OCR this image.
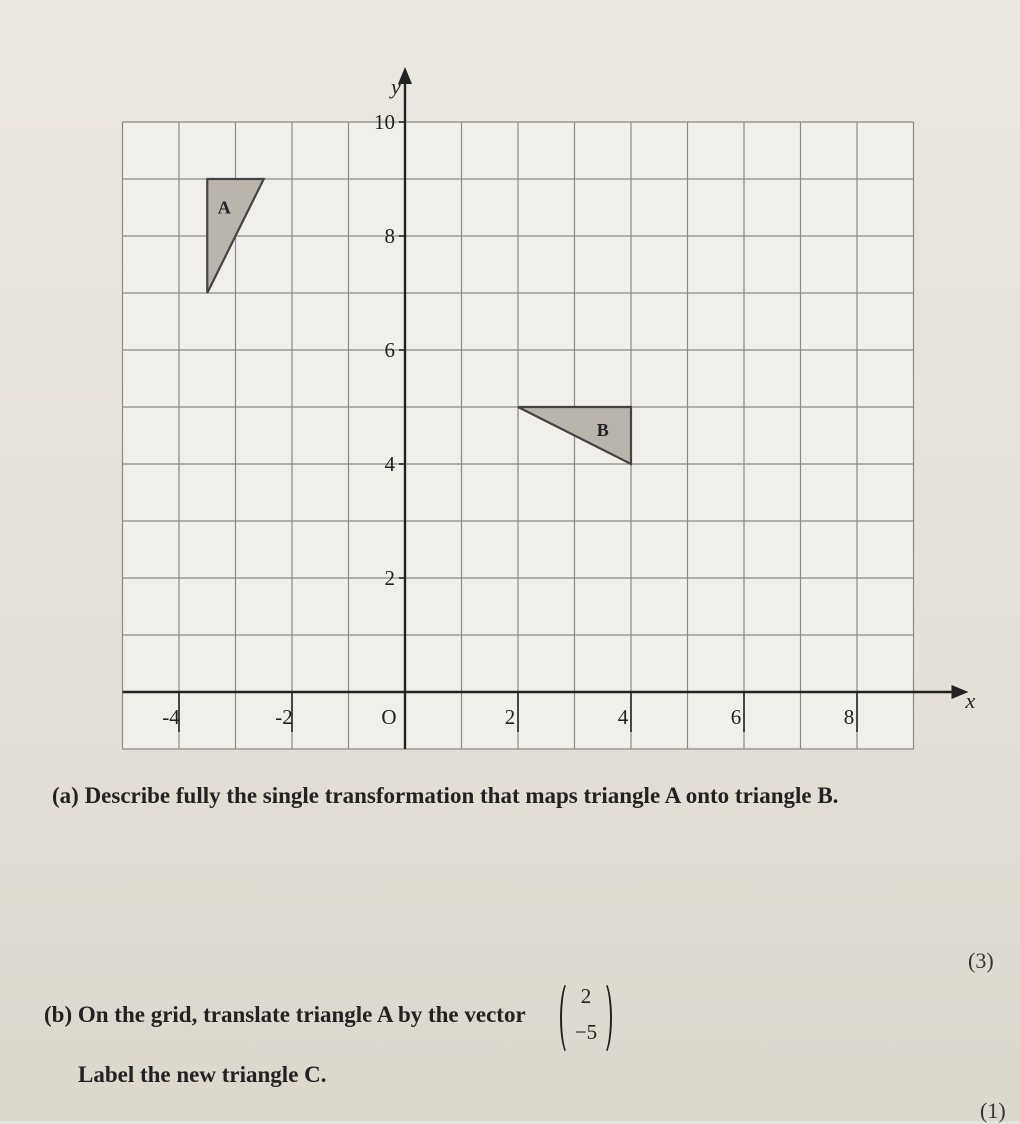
x
y
-4	-2	O	2	4	6	8
2
4
6
8
10
A
B
(a) Describe fully the single transformation that maps triangle A onto triangle B.
(3)
(b) On the grid, translate triangle A by the vector
2
−5
Label the new triangle C.
(1)
